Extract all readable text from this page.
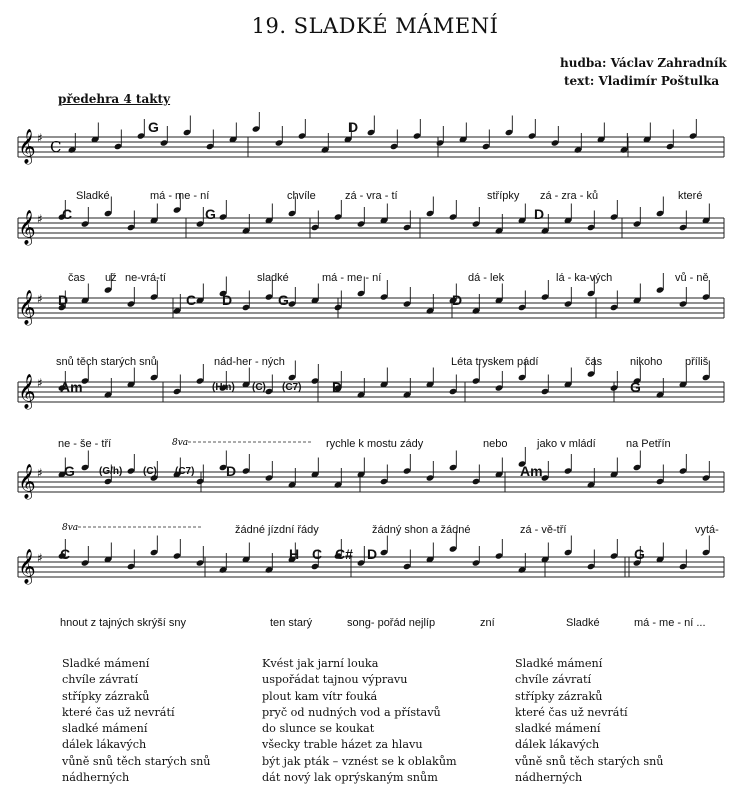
19. SLADKÉ MÁMENÍ
hudba: Václav Zahradník
text: Vladimír Poštulka
předehra 4 takty
𝄞 ♯ C
𝄞 ♯
𝄞 ♯
𝄞 ♯
𝄞 ♯
𝄞 ♯
8va
8va
G	D
Sladké	má - me - ní	chvíle	zá - vra - tí	střípky zá - zra - ků	které
C	G	D
čas už ne-vrá-tí	sladké	má - me - ní	dá - lek	lá - ka-vých	vů - ně
D	C D	G	D
snů těch starých snů	nád-her - ných	Léta tryskem pádí	čas	nikoho příliš
Am	(Hm) (C) (C7) D	G
ne - še - tří	rychle k mostu zády	nebo	jako v mládí	na Petřín
G (G/h) (C) (C7) D	Am
žádné jízdní řády	žádný shon a žádné	zá - vě-tří	vytá-
C	H C C# D	G
hnout z tajných skrýší sny	ten starý	song- pořád nejlíp	zní	Sladké	má - me - ní ...
Sladké mámení
chvíle závratí
střípky zázraků
které čas už nevrátí
sladké mámení
dálek lákavých
vůně snů těch starých snů
nádherných
Kvést jak jarní louka
uspořádat tajnou výpravu
plout kam vítr fouká
pryč od nudných vod a přístavů
do slunce se koukat
všecky trable házet za hlavu
být jak pták – vznést se k oblakům
dát nový lak oprýskaným snům
Sladké mámení
chvíle závratí
střípky zázraků
které čas už nevrátí
sladké mámení
dálek lákavých
vůně snů těch starých snů
nádherných
